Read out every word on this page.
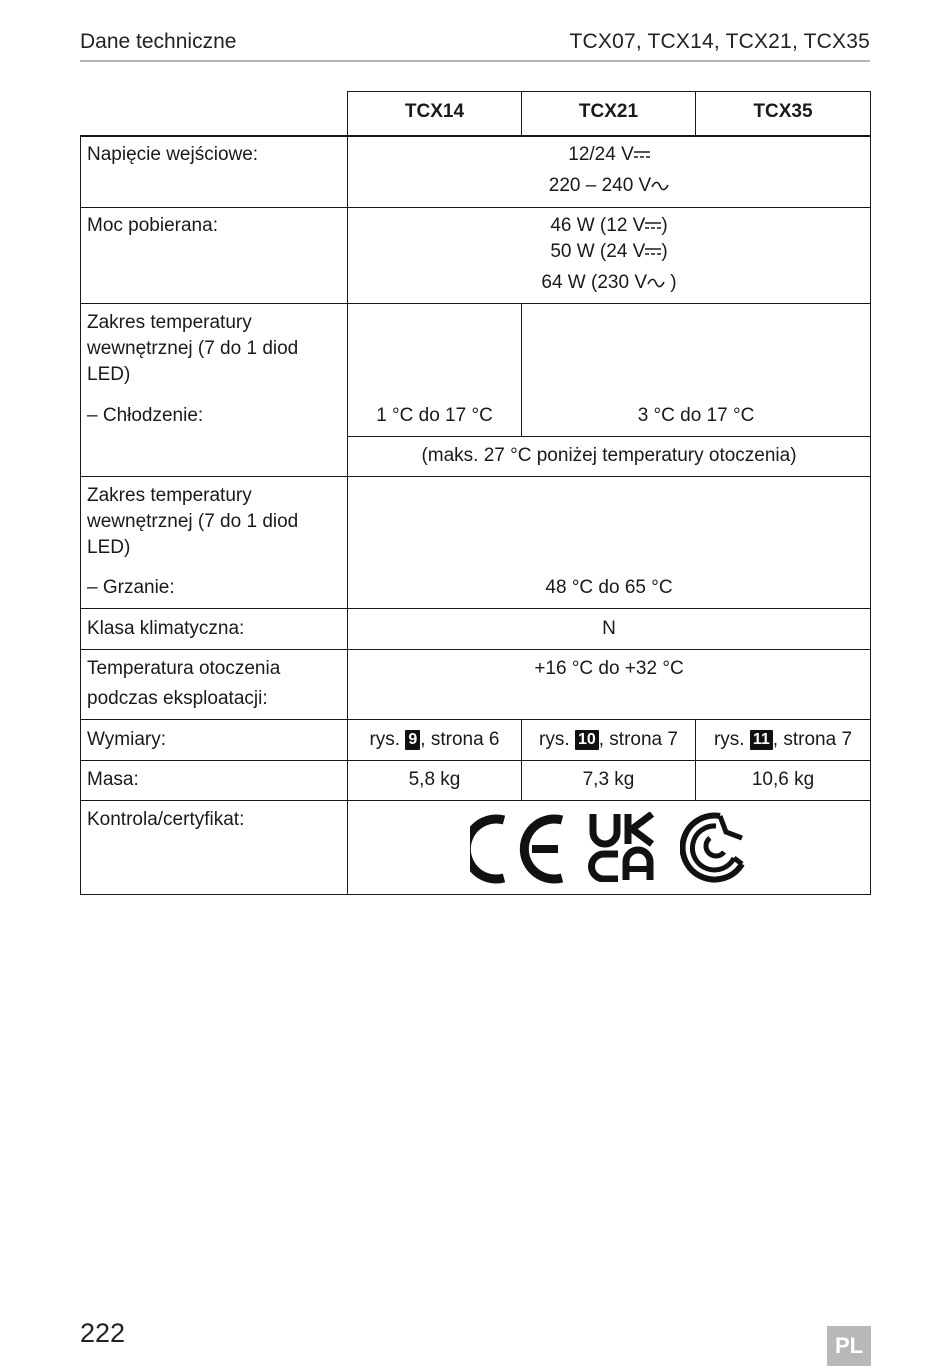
Dane techniczne	TCX07, TCX14, TCX21, TCX35
TCX14	TCX21	TCX35
Napięcie wejściowe:	12/24 V
220 – 240 V
Moc pobierana:	46 W (12 V )
50 W (24 V )
64 W (230 V )
Zakres temperatury
wewnętrznej (7 do 1 diod
LED)
– Chłodzenie:	1 °C do 17 °C	3 °C do 17 °C
(maks. 27 °C poniżej temperatury otoczenia)
Zakres temperatury
wewnętrznej (7 do 1 diod
LED)
– Grzanie:	48 °C do 65 °C
Klasa klimatyczna:	N
Temperatura otoczenia
podczas eksploatacji:
+16 °C do +32 °C
Wymiary:	rys. 9 , strona 6	rys. 10 , strona 7	rys. 11 , strona 7
Masa:	5,8 kg	7,3 kg	10,6 kg
Kontrola/certyfikat:
222	PL
